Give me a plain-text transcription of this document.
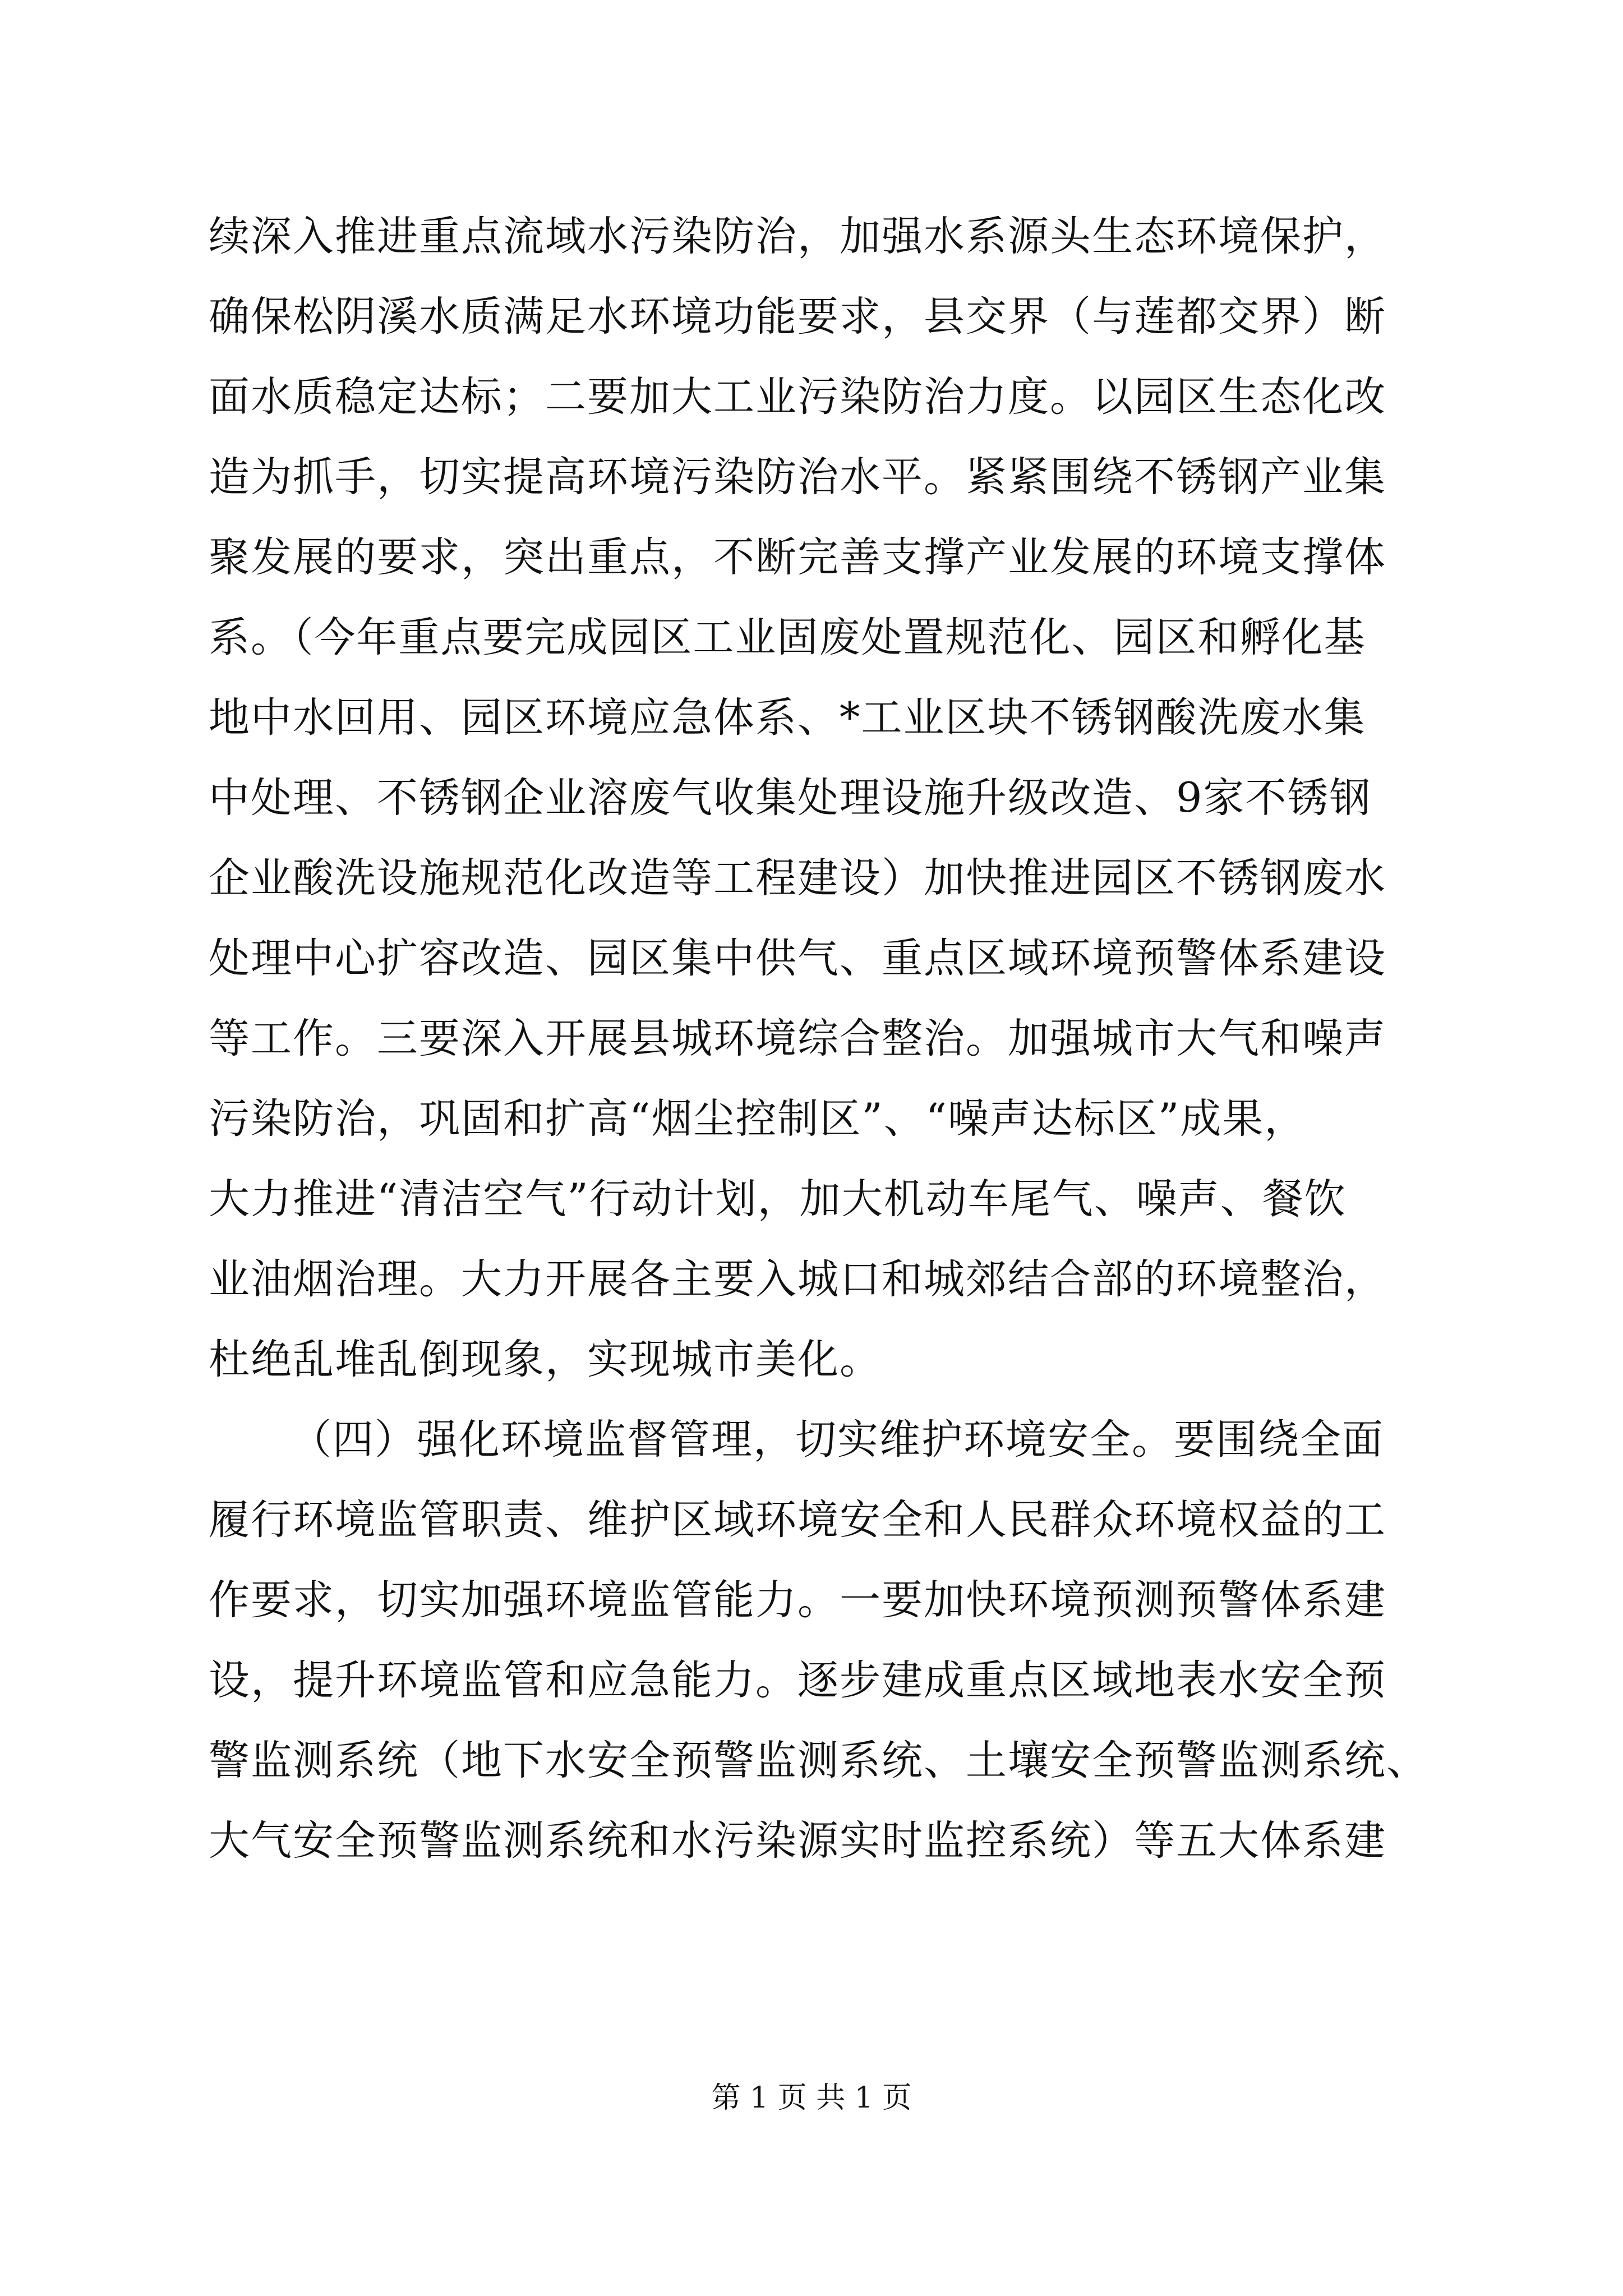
续深入推进重点流域水污染防治，加强水系源头生态环境保护，
确保松阴溪水质满足水环境功能要求，县交界（与莲都交界）断
面水质稳定达标；二要加大工业污染防治力度。以园区生态化改
造为抓手，切实提高环境污染防治水平。紧紧围绕不锈钢产业集
聚发展的要求，突出重点，不断完善支撑产业发展的环境支撑体
系。（今年重点要完成园区工业固废处置规范化、园区和孵化基
地中水回用、园区环境应急体系、*工业区块不锈钢酸洗废水集
中处理、不锈钢企业溶废气收集处理设施升级改造、9家不锈钢
企业酸洗设施规范化改造等工程建设）加快推进园区不锈钢废水
处理中心扩容改造、园区集中供气、重点区域环境预警体系建设
等工作。三要深入开展县城环境综合整治。加强城市大气和噪声
污染防治，巩固和扩高“烟尘控制区”、“噪声达标区”成果，
大力推进“清洁空气”行动计划，加大机动车尾气、噪声、餐饮
业油烟治理。大力开展各主要入城口和城郊结合部的环境整治，
杜绝乱堆乱倒现象，实现城市美化。
（四）强化环境监督管理，切实维护环境安全。要围绕全面
履行环境监管职责、维护区域环境安全和人民群众环境权益的工
作要求，切实加强环境监管能力。一要加快环境预测预警体系建
设，提升环境监管和应急能力。逐步建成重点区域地表水安全预
警监测系统（地下水安全预警监测系统、土壤安全预警监测系统、
大气安全预警监测系统和水污染源实时监控系统）等五大体系建
第 1 页 共 1 页
